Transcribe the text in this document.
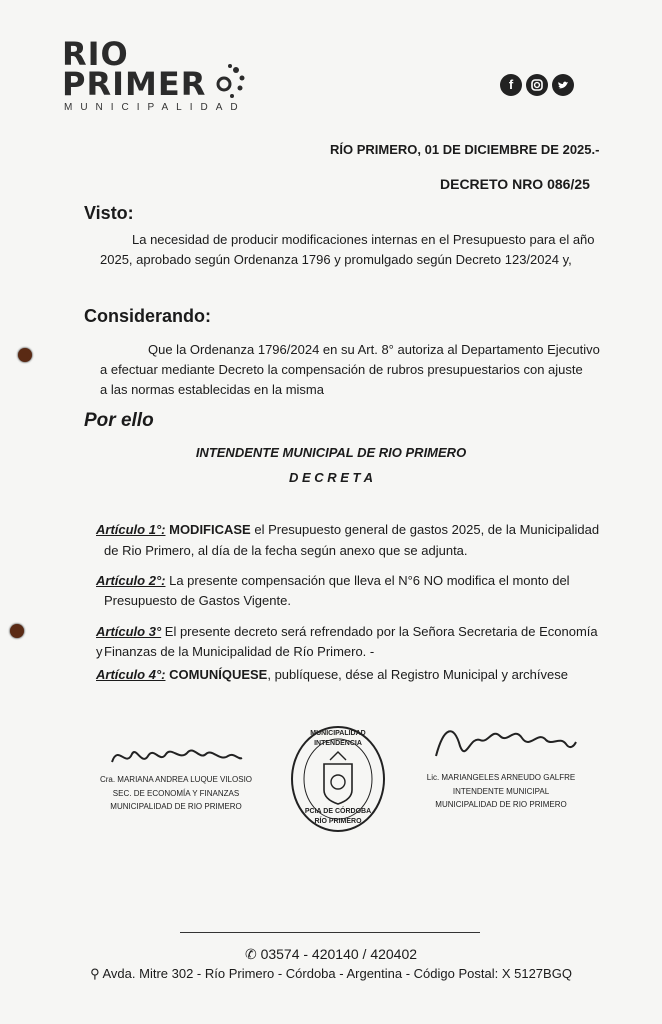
RIO
PRIMER
MUNICIPALIDAD
f
RÍO PRIMERO, 01 DE DICIEMBRE DE 2025.-
DECRETO NRO 086/25
Visto:
La necesidad de producir modificaciones internas en el Presupuesto para el año
2025, aprobado según Ordenanza 1796 y promulgado según Decreto 123/2024 y,
Considerando:
Que la Ordenanza 1796/2024 en su Art. 8° autoriza al Departamento Ejecutivo
a efectuar mediante Decreto la compensación de rubros presupuestarios con ajuste
a las normas establecidas en la misma
Por ello
INTENDENTE MUNICIPAL DE RIO PRIMERO
D E C R E T A
Artículo 1°: MODIFICASE el Presupuesto general de gastos 2025, de la Municipalidad
de Rio Primero, al día de la fecha según anexo que se adjunta.
Artículo 2°: La presente compensación que lleva el N°6 NO modifica el monto del
Presupuesto de Gastos Vigente.
Artículo 3° El presente decreto será refrendado por la Señora Secretaria de Economía y Finanzas de la Municipalidad de Río Primero. -
Artículo 4°: COMUNÍQUESE, publíquese, dése al Registro Municipal y archívese
Cra. MARIANA ANDREA LUQUE VILOSIO
SEC. DE ECONOMÍA Y FINANZAS
MUNICIPALIDAD DE RIO PRIMERO
MUNICIPALIDAD
INTENDENCIA
PCIA DE CÓRDOBA
RÍO PRIMERO
Lic. MARIANGELES ARNEUDO GALFRE
INTENDENTE MUNICIPAL
MUNICIPALIDAD DE RIO PRIMERO
✆ 03574 - 420140 / 420402
⚲ Avda. Mitre 302 - Río Primero - Córdoba - Argentina - Código Postal: X 5127BGQ
